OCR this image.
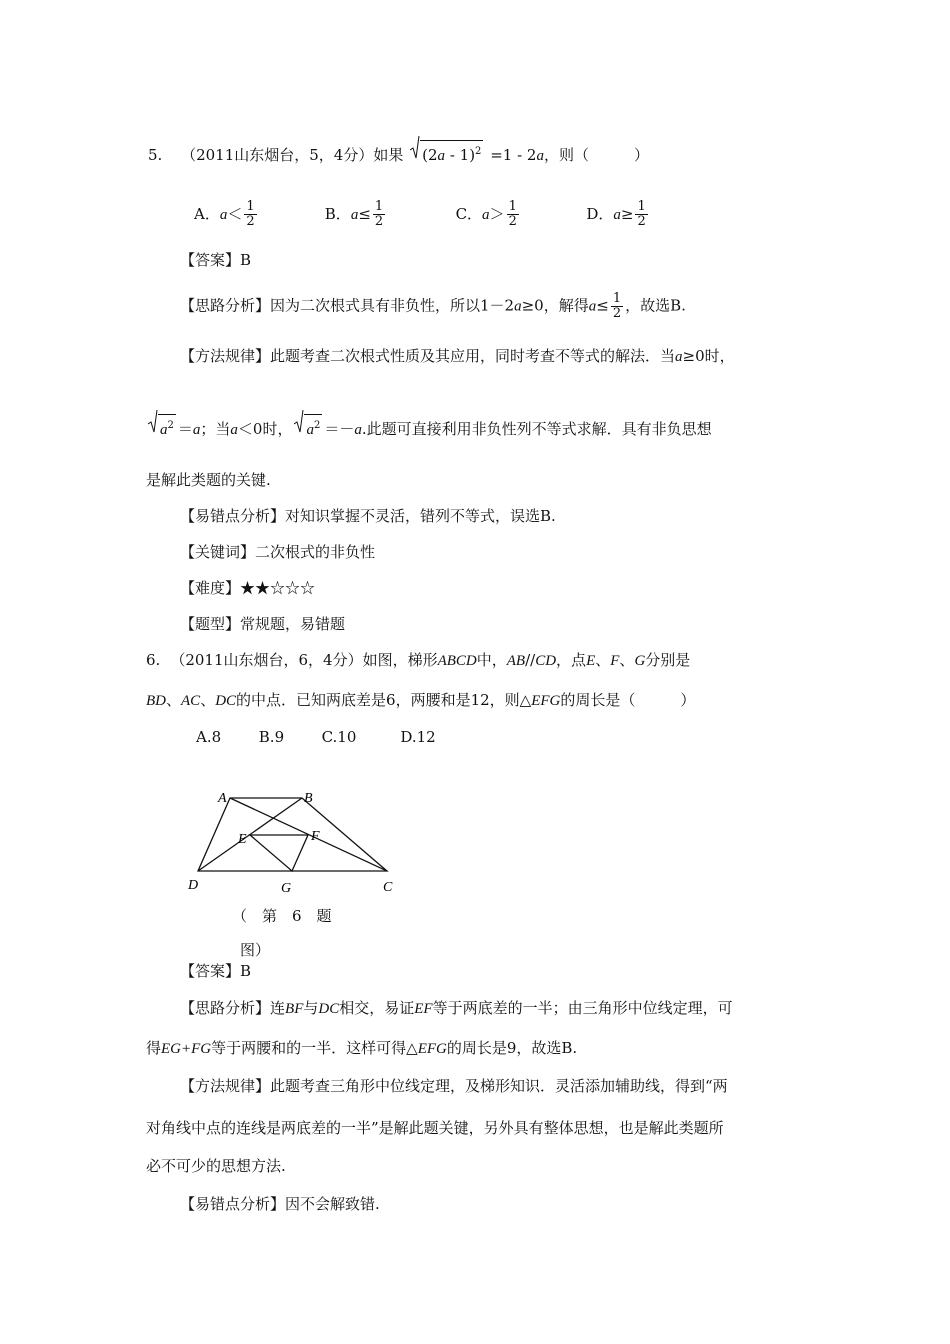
5. （2011山东烟台，5，4分）如果 (2a - 1)$^2$ =1 - 2a，则（　　　）
A．$a< \frac{1}{2}$	B．$a\le \frac{1}{2}$	C．$a> \frac{1}{2}$	D．$a\ge \frac{1}{2}$
【答案】B
【思路分析】因为二次根式具有非负性，所以1－2a≥0，解得$a\le \frac{1}{2}$ ，故选B.
【方法规律】此题考查二次根式性质及其应用，同时考查不等式的解法．当a≥0时，
$a^2 =a$；当a＜0时， $a^2 =-a$.此题可直接利用非负性列不等式求解．具有非负思想
是解此类题的关键.
【易错点分析】对知识掌握不灵活，错列不等式，误选B.
【关键词】二次根式的非负性
【难度】★★☆☆☆
【题型】常规题，易错题
6. （2011山东烟台，6，4分）如图，梯形ABCD中，AB//CD，点E、F、G分别是
BD、AC、DC的中点．已知两底差是6，两腰和是12，则△EFG的周长是（　　　）
A.8	B.9 C.10	D.12
A	B
E	F
D	G	C
（　第　6　题
图）
【答案】B
【思路分析】连BF与DC相交，易证EF等于两底差的一半；由三角形中位线定理，可
得EG+FG等于两腰和的一半．这样可得△EFG的周长是9，故选B.
【方法规律】此题考查三角形中位线定理，及梯形知识．灵活添加辅助线，得到“两
对角线中点的连线是两底差的一半”是解此题关键，另外具有整体思想，也是解此类题所
必不可少的思想方法.
【易错点分析】因不会解致错.
